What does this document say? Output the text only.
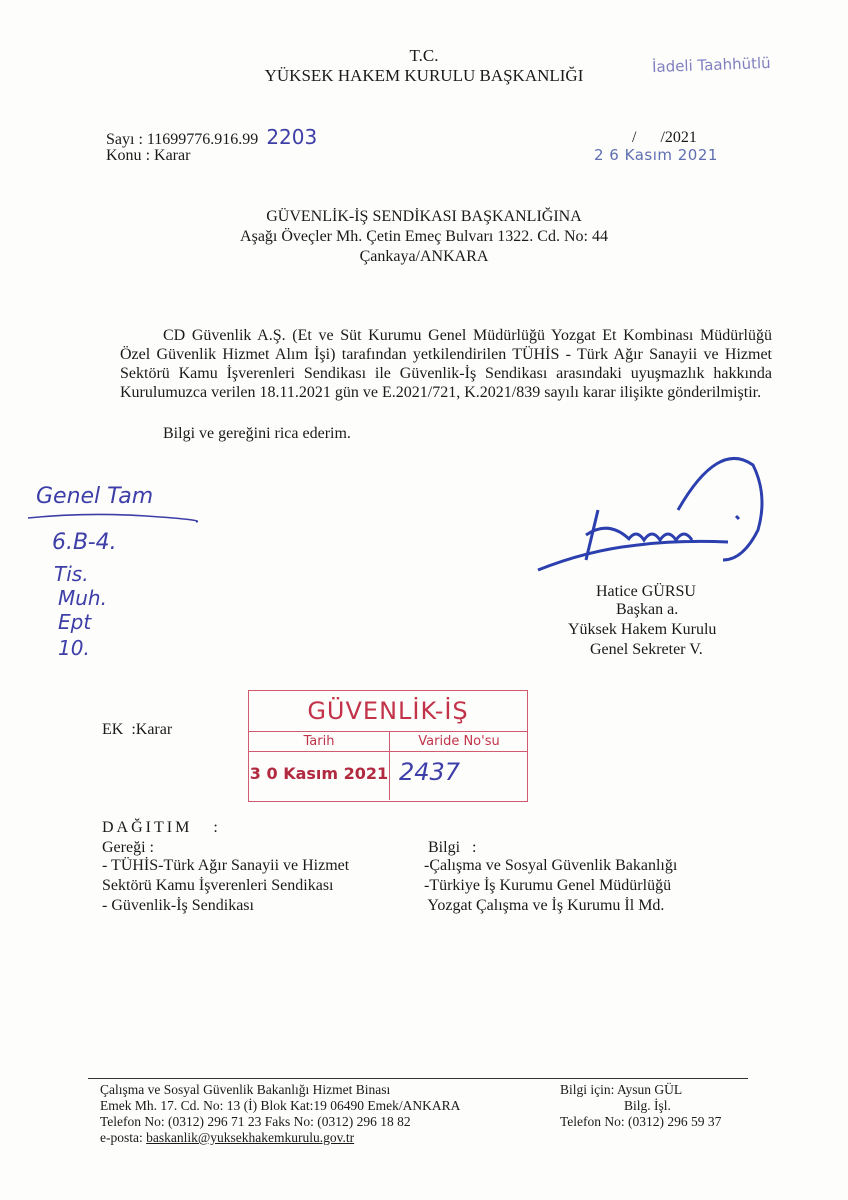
T.C.
YÜKSEK HAKEM KURULU BAŞKANLIĞI	İadeli Taahhütlü
Sayı : 11699776.916.99 2203
Konu : Karar
/      /2021
2 6 Kasım 2021
GÜVENLİK-İŞ SENDİKASI BAŞKANLIĞINA
Aşağı Öveçler Mh. Çetin Emeç Bulvarı 1322. Cd. No: 44
Çankaya/ANKARA
CD Güvenlik A.Ş. (Et ve Süt Kurumu Genel Müdürlüğü Yozgat Et Kombinası Müdürlüğü Özel Güvenlik Hizmet Alım İşi) tarafından yetkilendirilen TÜHİS - Türk Ağır Sanayii ve Hizmet Sektörü Kamu İşverenleri Sendikası ile Güvenlik-İş Sendikası arasındaki uyuşmazlık hakkında Kurulumuzca verilen 18.11.2021 gün ve E.2021/721, K.2021/839 sayılı karar ilişikte gönderilmiştir.
Bilgi ve gereğini rica ederim.
Genel Tam
6.B-4.
Tis.
Muh.
Ept
10.
Hatice GÜRSU
Başkan a.
Yüksek Hakem Kurulu
Genel Sekreter V.
EK  :Karar
GÜVENLİK-İŞ
Tarih	Varide No'su
3 0 Kasım 2021 2437
DAĞITIM   :
Gereği :
- TÜHİS-Türk Ağır Sanayii ve Hizmet
Sektörü Kamu İşverenleri Sendikası
- Güvenlik-İş Sendikası
Bilgi   :
-Çalışma ve Sosyal Güvenlik Bakanlığı
-Türkiye İş Kurumu Genel Müdürlüğü
Yozgat Çalışma ve İş Kurumu İl Md.
Çalışma ve Sosyal Güvenlik Bakanlığı Hizmet Binası
Emek Mh. 17. Cd. No: 13 (İ) Blok Kat:19 06490 Emek/ANKARA
Telefon No: (0312) 296 71 23 Faks No: (0312) 296 18 82
e-posta: baskanlik@yuksekhakemkurulu.gov.tr
Bilgi için: Aysun GÜL
Bilg. İşl.
Telefon No: (0312) 296 59 37
